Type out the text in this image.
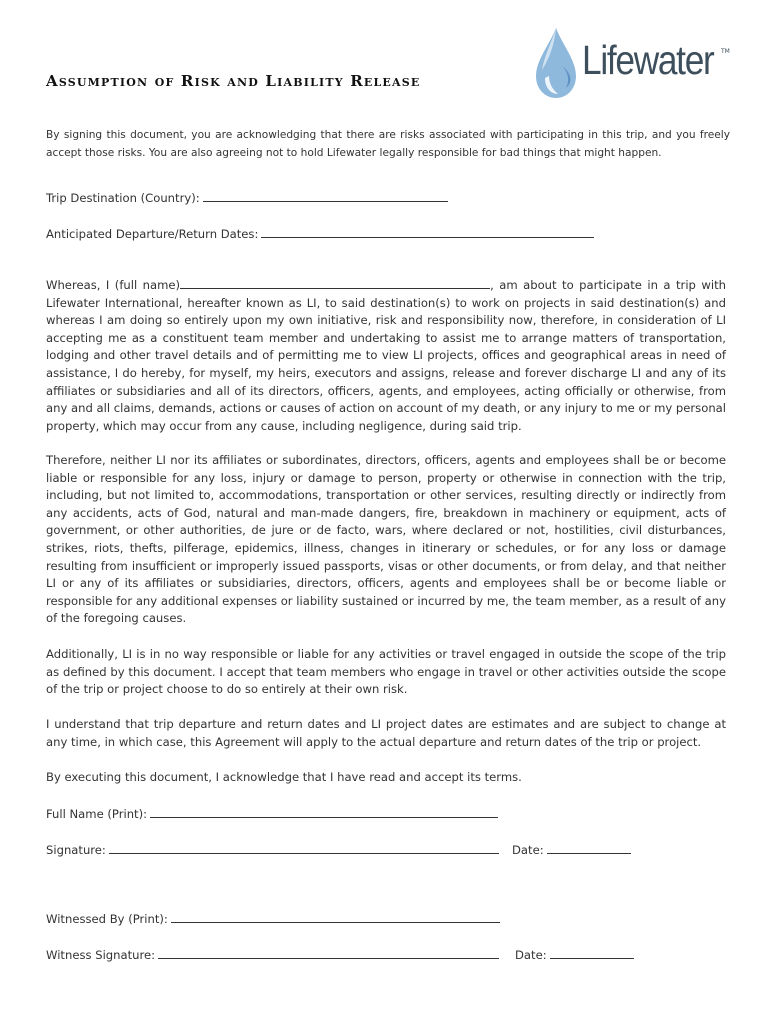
Assumption of Risk and Liability Release	Lifewater TM

By signing this document, you are acknowledging that there are risks associated with participating in this trip, and you freely accept those risks. You are also agreeing not to hold Lifewater legally responsible for bad things that might happen.

Trip Destination (Country):
Anticipated Departure/Return Dates:

Whereas, I (full name)	, am about to participate in a trip with Lifewater International, hereafter known as LI, to said destination(s) to work on projects in said destination(s) and whereas I am doing so entirely upon my own initiative, risk and responsibility now, therefore, in consideration of LI accepting me as a constituent team member and undertaking to assist me to arrange matters of transportation, lodging and other travel details and of permitting me to view LI projects, offices and geographical areas in need of assistance, I do hereby, for myself, my heirs, executors and assigns, release and forever discharge LI and any of its affiliates or subsidiaries and all of its directors, officers, agents, and employees, acting officially or otherwise, from any and all claims, demands, actions or causes of action on account of my death, or any injury to me or my personal property, which may occur from any cause, including negligence, during said trip.

Therefore, neither LI nor its affiliates or subordinates, directors, officers, agents and employees shall be or become liable or responsible for any loss, injury or damage to person, property or otherwise in connection with the trip, including, but not limited to, accommodations, transportation or other services, resulting directly or indirectly from any accidents, acts of God, natural and man-made dangers, fire, breakdown in machinery or equipment, acts of government, or other authorities, de jure or de facto, wars, where declared or not, hostilities, civil disturbances, strikes, riots, thefts, pilferage, epidemics, illness, changes in itinerary or schedules, or for any loss or damage resulting from insufficient or improperly issued passports, visas or other documents, or from delay, and that neither LI or any of its affiliates or subsidiaries, directors, officers, agents and employees shall be or become liable or responsible for any additional expenses or liability sustained or incurred by me, the team member, as a result of any of the foregoing causes.

Additionally, LI is in no way responsible or liable for any activities or travel engaged in outside the scope of the trip as defined by this document. I accept that team members who engage in travel or other activities outside the scope of the trip or project choose to do so entirely at their own risk.

I understand that trip departure and return dates and LI project dates are estimates and are subject to change at any time, in which case, this Agreement will apply to the actual departure and return dates of the trip or project.

By executing this document, I acknowledge that I have read and accept its terms.

Full Name (Print):
Signature:	Date:
Witnessed By (Print):
Witness Signature:	Date:
